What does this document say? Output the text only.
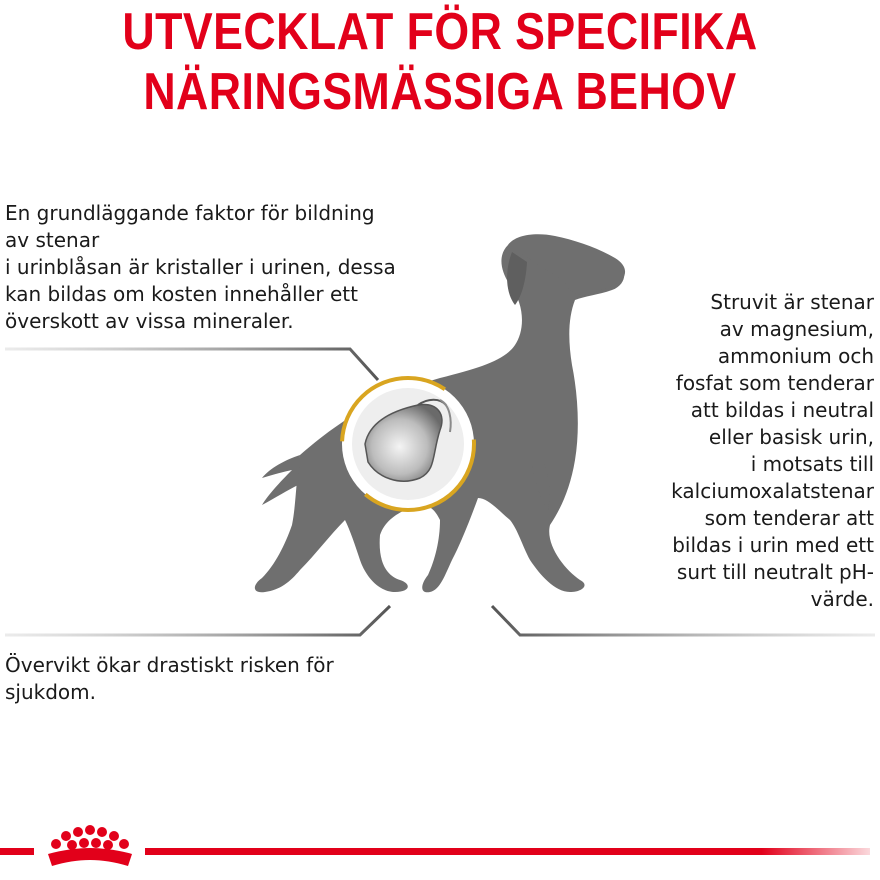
UTVECKLAT FÖR SPECIFIKA
NÄRINGSMÄSSIGA BEHOV
En grundläggande faktor för bildning
av stenar
i urinblåsan är kristaller i urinen, dessa
kan bildas om kosten innehåller ett
överskott av vissa mineraler.
Struvit är stenar
av magnesium,
ammonium och
fosfat som tenderar
att bildas i neutral
eller basisk urin,
i motsats till
kalciumoxalatstenar
som tenderar att
bildas i urin med ett
surt till neutralt pH-
värde.
Övervikt ökar drastiskt risken för
sjukdom.
